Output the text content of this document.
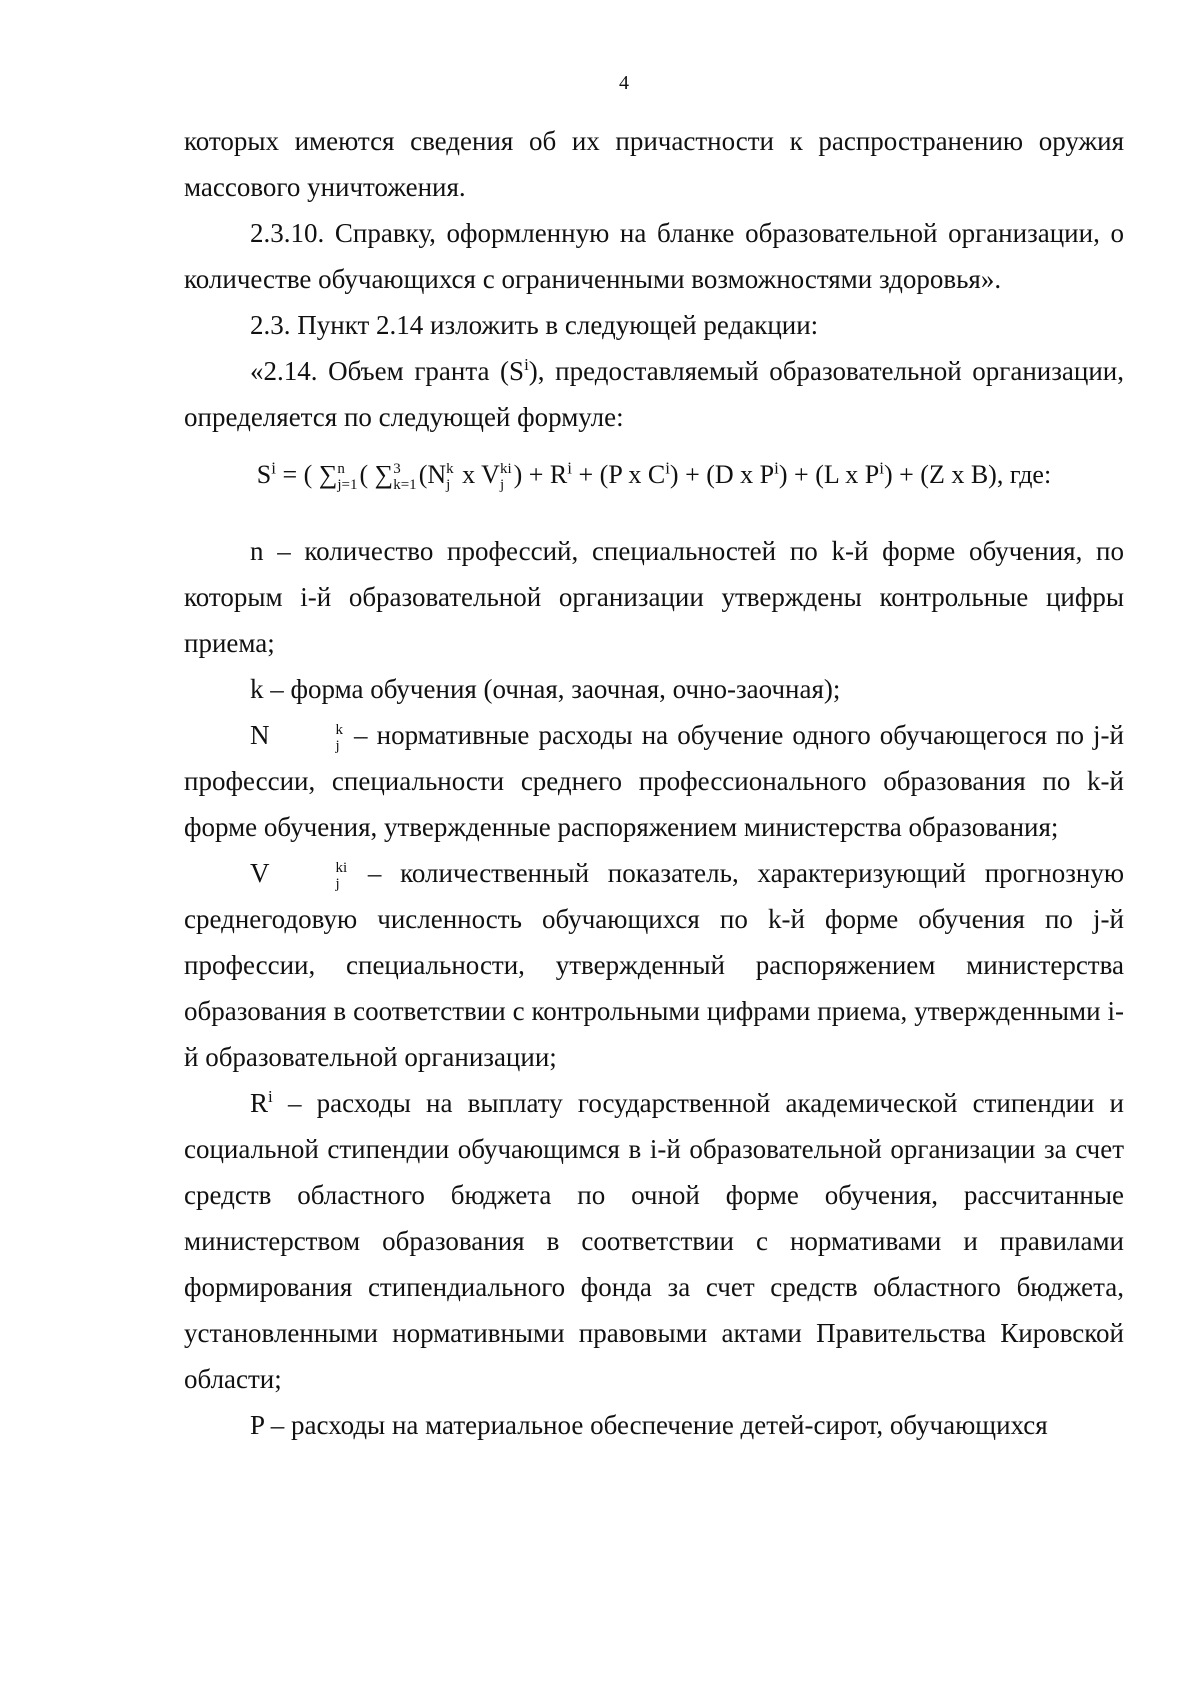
4

которых имеются сведения об их причастности к распространению оружия массового уничтожения.

2.3.10. Справку, оформленную на бланке образовательной организации, о количестве обучающихся с ограниченными возможностями здоровья».

2.3. Пункт 2.14 изложить в следующей редакции:

«2.14. Объем гранта $(S^i)$, предоставляемый образовательной организации, определяется по следующей формуле:

$S^i$ = ( ∑ n
j=1 ( ∑ 3
k=1 (N k
j x V ki
j ) + $R^i + (P$ x $C^i) + (D$ x $P^i) + (L$ x $P^i) + (Z$ x B), где:

n – количество профессий, специальностей по k-й форме обучения, по которым i-й образовательной организации утверждены контрольные цифры приема;

k – форма обучения (очная, заочная, очно-заочная);

N	k
j – нормативные расходы на обучение одного обучающегося по j-й профессии, специальности среднего профессионального образования по k-й форме обучения, утвержденные распоряжением министерства образования;

V	ki
j – количественный показатель, характеризующий прогнозную среднегодовую численность обучающихся по k-й форме обучения по j-й профессии, специальности, утвержденный распоряжением министерства образования в соответствии с контрольными цифрами приема, утвержденными i-й образовательной организации;

$R^i$ – расходы на выплату государственной академической стипендии и социальной стипендии обучающимся в i-й образовательной организации за счет средств областного бюджета по очной форме обучения, рассчитанные министерством образования в соответствии с нормативами и правилами формирования стипендиального фонда за счет средств областного бюджета, установленными нормативными правовыми актами Правительства Кировской области;

P – расходы на материальное обеспечение детей-сирот, обучающихся
